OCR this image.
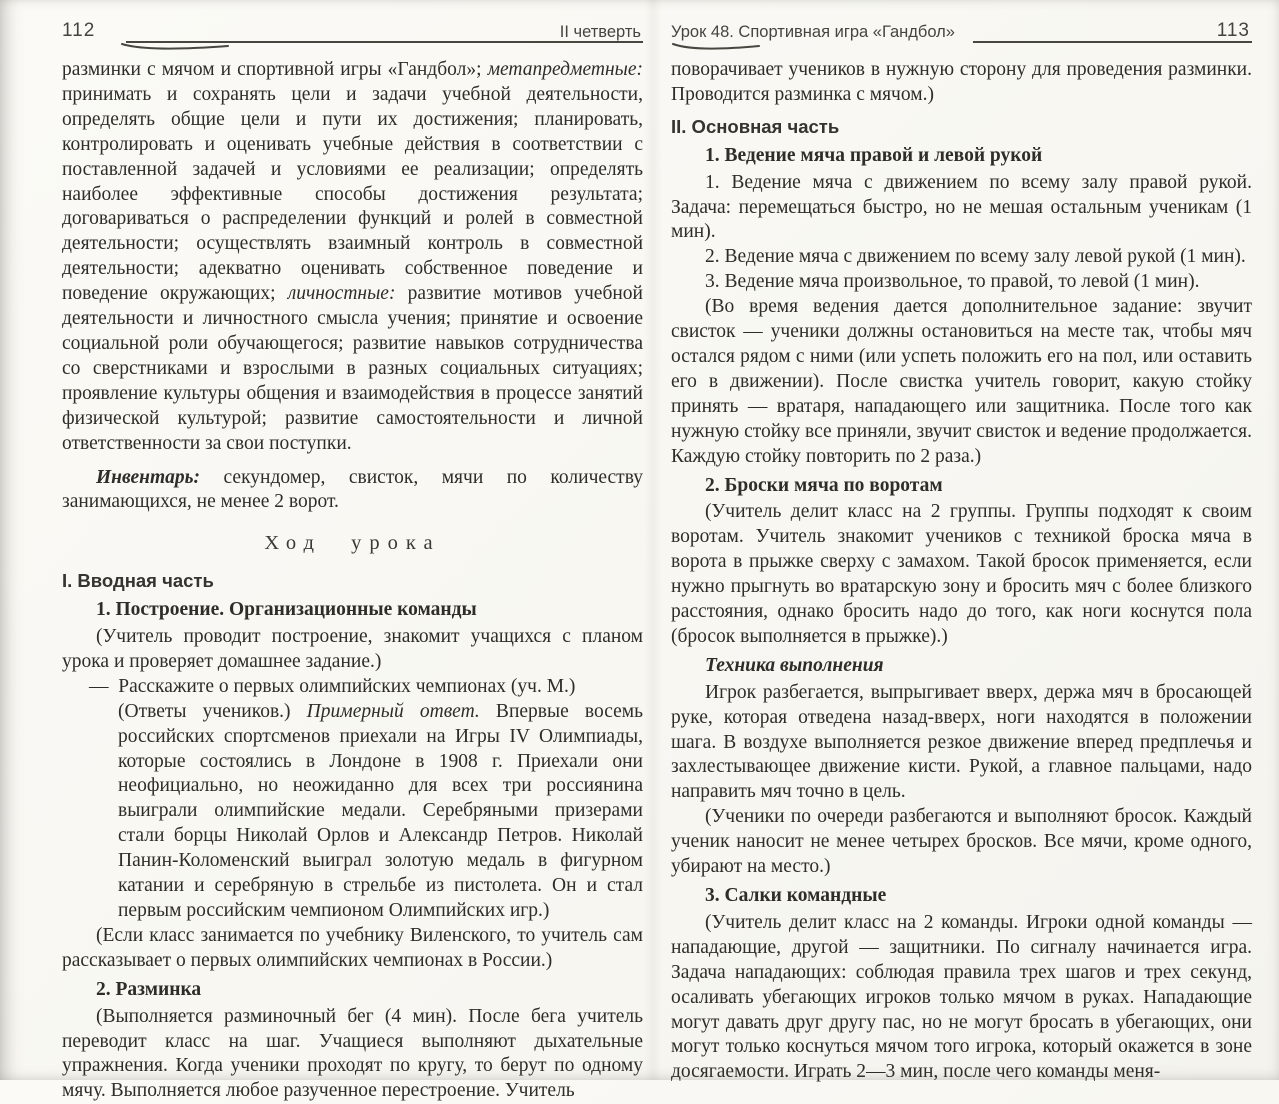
112	II четверть

разминки с мячом и спортивной игры «Гандбол»; метапредметные: принимать и сохранять цели и задачи учебной деятельности, определять общие цели и пути их достижения; планировать, контролировать и оценивать учебные действия в соответствии с поставленной задачей и условиями ее реализации; определять наиболее эффективные способы достижения результата; договариваться о распределении функций и ролей в совместной деятельности; осуществлять взаимный контроль в совместной деятельности; адекватно оценивать собственное поведение и поведение окружающих; личностные: развитие мотивов учебной деятельности и личностного смысла учения; принятие и освоение социальной роли обучающегося; развитие навыков сотрудничества со сверстниками и взрослыми в разных социальных ситуациях; проявление культуры общения и взаимодействия в процессе занятий физической культурой; развитие самостоятельности и личной ответственности за свои поступки.

Инвентарь: секундомер, свисток, мячи по количеству занимающихся, не менее 2 ворот.

Ход урока

I. Вводная часть

1. Построение. Организационные команды

(Учитель проводит построение, знакомит учащихся с планом урока и проверяет домашнее задание.)

—  Расскажите о первых олимпийских чемпионах (уч. М.)

(Ответы учеников.) Примерный ответ. Впервые восемь российских спортсменов приехали на Игры IV Олимпиады, которые состоялись в Лондоне в 1908 г. Приехали они неофициально, но неожиданно для всех три россиянина выиграли олимпийские медали. Серебряными призерами стали борцы Николай Орлов и Александр Петров. Николай Панин-Коломенский выиграл золотую медаль в фигурном катании и серебряную в стрельбе из пистолета. Он и стал первым российским чемпионом Олимпийских игр.)

(Если класс занимается по учебнику Виленского, то учитель сам рассказывает о первых олимпийских чемпионах в России.)

2. Разминка

(Выполняется разминочный бег (4 мин). После бега учитель переводит класс на шаг. Учащиеся выполняют дыхательные упражнения. Когда ученики проходят по кругу, то берут по одному мячу. Выполняется любое разученное перестроение. Учитель

Урок 48. Спортивная игра «Гандбол»	113

поворачивает учеников в нужную сторону для проведения разминки. Проводится разминка с мячом.)

II. Основная часть

1. Ведение мяча правой и левой рукой

1. Ведение мяча с движением по всему залу правой рукой. Задача: перемещаться быстро, но не мешая остальным ученикам (1 мин).

2. Ведение мяча с движением по всему залу левой рукой (1 мин).

3. Ведение мяча произвольное, то правой, то левой (1 мин).

(Во время ведения дается дополнительное задание: звучит свисток — ученики должны остановиться на месте так, чтобы мяч остался рядом с ними (или успеть положить его на пол, или оставить его в движении). После свистка учитель говорит, какую стойку принять — вратаря, нападающего или защитника. После того как нужную стойку все приняли, звучит свисток и ведение продолжается. Каждую стойку повторить по 2 раза.)

2. Броски мяча по воротам

(Учитель делит класс на 2 группы. Группы подходят к своим воротам. Учитель знакомит учеников с техникой броска мяча в ворота в прыжке сверху с замахом. Такой бросок применяется, если нужно прыгнуть во вратарскую зону и бросить мяч с более близкого расстояния, однако бросить надо до того, как ноги коснутся пола (бросок выполняется в прыжке).)

Техника выполнения

Игрок разбегается, выпрыгивает вверх, держа мяч в бросающей руке, которая отведена назад-вверх, ноги находятся в положении шага. В воздухе выполняется резкое движение вперед предплечья и захлестывающее движение кисти. Рукой, а главное пальцами, надо направить мяч точно в цель.

(Ученики по очереди разбегаются и выполняют бросок. Каждый ученик наносит не менее четырех бросков. Все мячи, кроме одного, убирают на место.)

3. Салки командные

(Учитель делит класс на 2 команды. Игроки одной команды — нападающие, другой — защитники. По сигналу начинается игра. Задача нападающих: соблюдая правила трех шагов и трех секунд, осаливать убегающих игроков только мячом в руках. Нападающие могут давать друг другу пас, но не могут бросать в убегающих, они могут только коснуться мячом того игрока, который окажется в зоне досягаемости. Играть 2—3 мин, после чего команды меня-
